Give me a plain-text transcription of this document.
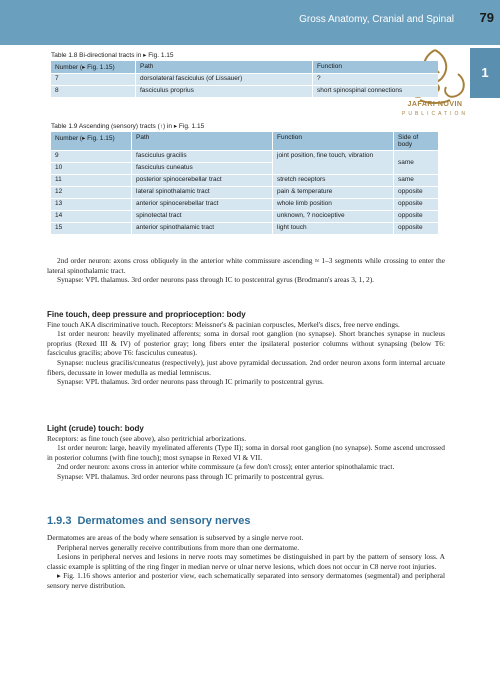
Gross Anatomy, Cranial and Spinal 79
1
JAFARI NOVIN
PUBLICATION
Table 1.8 Bi-directional tracts in ▸ Fig. 1.15
Number (▸ Fig. 1.15)	Path	Function
7	dorsolateral fasciculus (of Lissauer)	?
8	fasciculus proprius	short spinospinal connections
Table 1.9 Ascending (sensory) tracts (↑) in ▸ Fig. 1.15
Number (▸ Fig. 1.15)	Path	Function	Side of body
9	fasciculus gracilis	joint position, fine touch, vibration	same
10	fasciculus cuneatus		
11	posterior spinocerebellar tract	stretch receptors	same
12	lateral spinothalamic tract	pain & temperature	opposite
13	anterior spinocerebellar tract	whole limb position	opposite
14	spinotectal tract	unknown, ? nociceptive	opposite
15	anterior spinothalamic tract	light touch	opposite

2nd order neuron: axons cross obliquely in the anterior white commissure ascending ≈ 1–3 segments while crossing to enter the lateral spinothalamic tract.

Synapse: VPL thalamus. 3rd order neurons pass through IC to postcentral gyrus (Brodmann's areas 3, 1, 2).

Fine touch, deep pressure and proprioception: body

Fine touch AKA discriminative touch. Receptors: Meissner's & pacinian corpuscles, Merkel's discs, free nerve endings.

1st order neuron: heavily myelinated afferents; soma in dorsal root ganglion (no synapse). Short branches synapse in nucleus proprius (Rexed III & IV) of posterior gray; long fibers enter the ipsilateral posterior columns without synapsing (below T6: fasciculus gracilis; above T6: fasciculus cuneatus).

Synapse: nucleus gracilis/cuneatus (respectively), just above pyramidal decussation. 2nd order neuron axons form internal arcuate fibers, decussate in lower medulla as medial lemniscus.

Synapse: VPL thalamus. 3rd order neurons pass through IC primarily to postcentral gyrus.

Light (crude) touch: body

Receptors: as fine touch (see above), also peritrichial arborizations.

1st order neuron: large, heavily myelinated afferents (Type II); soma in dorsal root ganglion (no synapse). Some ascend uncrossed in posterior columns (with fine touch); most synapse in Rexed VI & VII.

2nd order neuron: axons cross in anterior white commissure (a few don't cross); enter anterior spinothalamic tract.

Synapse: VPL thalamus. 3rd order neurons pass through IC primarily to postcentral gyrus.

1.9.3 Dermatomes and sensory nerves

Dermatomes are areas of the body where sensation is subserved by a single nerve root.

Peripheral nerves generally receive contributions from more than one dermatome.

Lesions in peripheral nerves and lesions in nerve roots may sometimes be distinguished in part by the pattern of sensory loss. A classic example is splitting of the ring finger in median nerve or ulnar nerve lesions, which does not occur in C8 nerve root injuries.

▸ Fig. 1.16 shows anterior and posterior view, each schematically separated into sensory dermatomes (segmental) and peripheral sensory nerve distribution.
